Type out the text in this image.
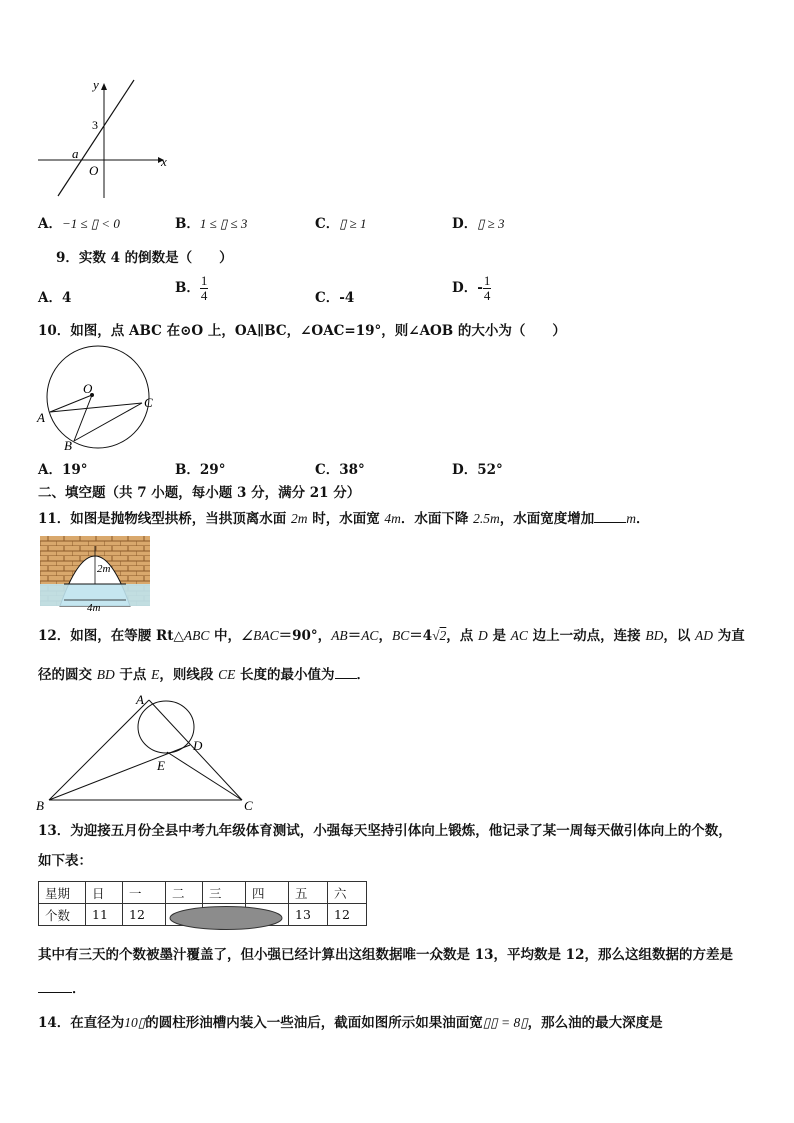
y
x
3
a
O
A．−1 ≤ ▯ < 0	B．1 ≤ ▯ ≤ 3	C．▯ ≥ 1	D．▯ ≥ 3
9．实数 4 的倒数是（　　）
A．4
B． $\frac{1}{4}$	C．-4
D．- $\frac{1}{4}$
10．如图，点 ABC 在⊙O 上，OA∥BC，∠OAC=19°，则∠AOB 的大小为（　　）
O
A
B
C
A．19°	B．29°	C．38°	D．52°
二、填空题（共 7 小题，每小题 3 分，满分 21 分）
11．如图是抛物线型拱桥，当拱顶离水面 2m 时，水面宽 4m．水面下降 2.5m，水面宽度增加 m．
2m
4m
12．如图，在等腰 Rt△ABC 中，∠BAC＝90°，AB＝AC，BC＝4√2，点 D 是 AC 边上一动点，连接 BD，以 AD 为直
径的圆交 BD 于点 E，则线段 CE 长度的最小值为 ．
A
B	C
D
E
13．为迎接五月份全县中考九年级体育测试，小强每天坚持引体向上锻炼，他记录了某一周每天做引体向上的个数，
如下表：
星期	日	一	二	三	四	五	六
个数	11	12				13	12
其中有三天的个数被墨汁覆盖了，但小强已经计算出这组数据唯一众数是 13，平均数是 12，那么这组数据的方差是
．
14．在直径为10▯的圆柱形油槽内装入一些油后，截面如图所示如果油面宽▯▯ = 8▯，那么油的最大深度是
